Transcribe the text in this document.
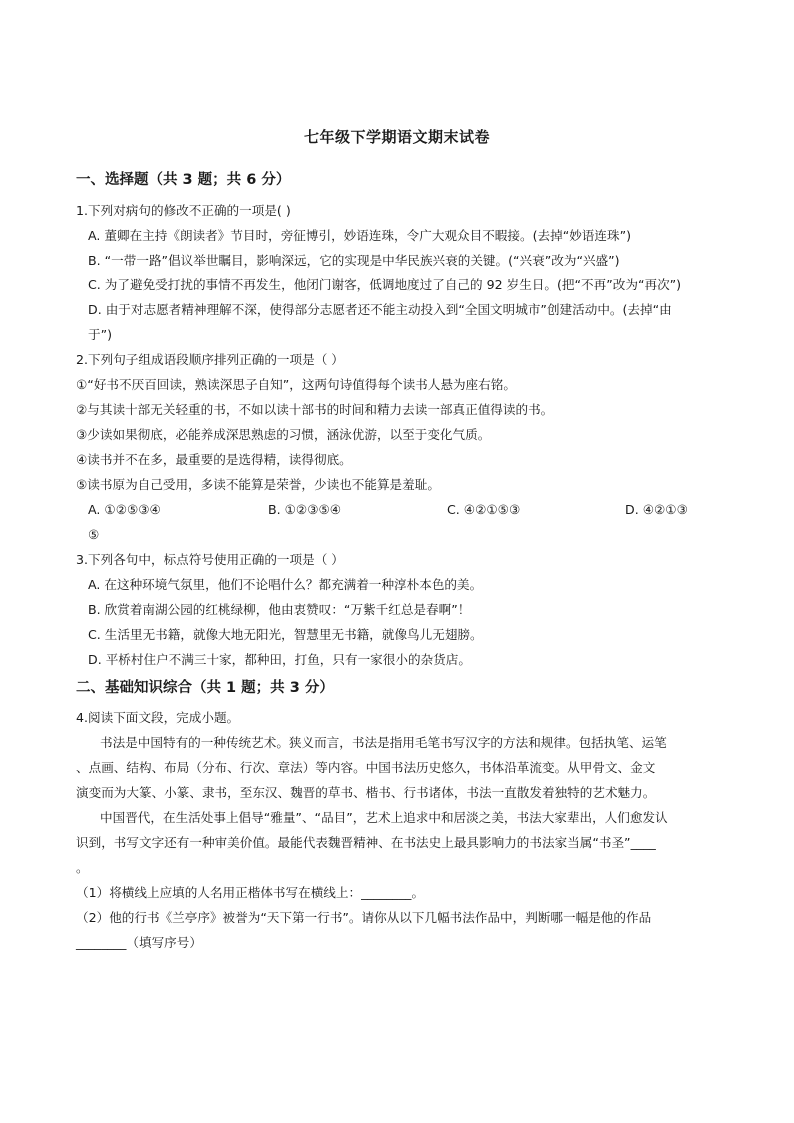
七年级下学期语文期末试卷
一、选择题（共 3 题；共 6 分）
1.下列对病句的修改不正确的一项是( )
A. 董卿在主持《朗读者》节目时，旁征博引，妙语连珠，令广大观众目不暇接。(去掉“妙语连珠”)
B. “一带一路”倡议举世瞩目，影响深远，它的实现是中华民族兴衰的关键。(“兴衰”改为“兴盛”)
C. 为了避免受打扰的事情不再发生，他闭门谢客，低调地度过了自己的 92 岁生日。(把“不再”改为“再次”)
D. 由于对志愿者精神理解不深，使得部分志愿者还不能主动投入到“全国文明城市”创建活动中。(去掉“由
于”)
2.下列句子组成语段顺序排列正确的一项是（ ）
①“好书不厌百回读，熟读深思子自知”，这两句诗值得每个读书人悬为座右铭。
②与其读十部无关轻重的书，不如以读十部书的时间和精力去读一部真正值得读的书。
③少读如果彻底，必能养成深思熟虑的习惯，涵泳优游，以至于变化气质。
④读书并不在多，最重要的是选得精，读得彻底。
⑤读书原为自己受用，多读不能算是荣誉，少读也不能算是羞耻。
A. ①②⑤③④	B. ①②③⑤④	C. ④②①⑤③	D. ④②①③
⑤
3.下列各句中，标点符号使用正确的一项是（ ）
A. 在这种环境气氛里，他们不论唱什么？都充满着一种淳朴本色的美。
B. 欣赏着南湖公园的红桃绿柳，他由衷赞叹：“万紫千红总是春啊”！
C. 生活里无书籍，就像大地无阳光，智慧里无书籍，就像鸟儿无翅膀。
D. 平桥村住户不满三十家，都种田，打鱼，只有一家很小的杂货店。
二、基础知识综合（共 1 题；共 3 分）
4.阅读下面文段，完成小题。
书法是中国特有的一种传统艺术。狭义而言，书法是指用毛笔书写汉字的方法和规律。包括执笔、运笔
、点画、结构、布局（分布、行次、章法）等内容。中国书法历史悠久，书体沿革流变。从甲骨文、金文
演变而为大篆、小篆、隶书，至东汉、魏晋的草书、楷书、行书诸体，书法一直散发着独特的艺术魅力。
中国晋代，在生活处事上倡导“雅量”、“品目”，艺术上追求中和居淡之美，书法大家辈出，人们愈发认
识到，书写文字还有一种审美价值。最能代表魏晋精神、在书法史上最具影响力的书法家当属“书圣”____
。
（1）将横线上应填的人名用正楷体书写在横线上：________。
（2）他的行书《兰亭序》被誉为“天下第一行书”。请你从以下几幅书法作品中，判断哪一幅是他的作品
________（填写序号）
